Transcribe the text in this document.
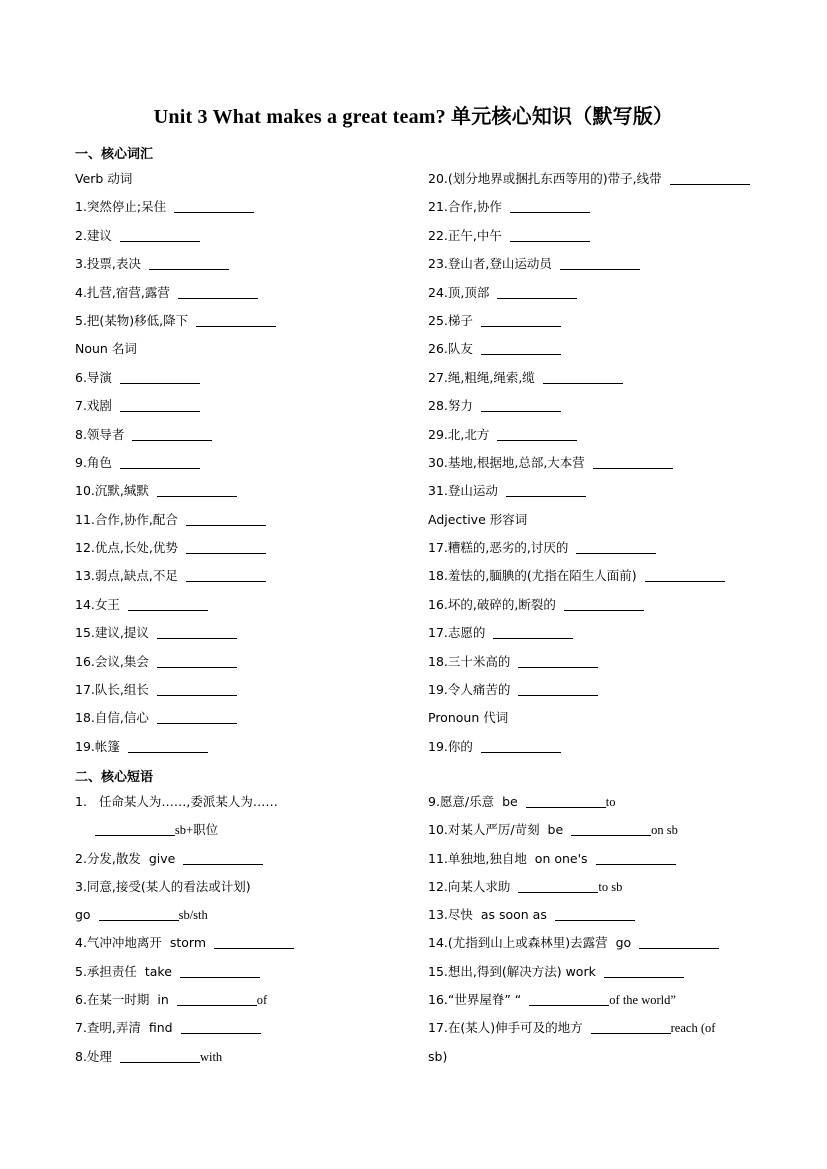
Unit 3 What makes a great team? 单元核心知识（默写版）
一、核心词汇
Verb 动词
1.突然停止;呆住
2.建议
3.投票,表决
4.扎营,宿营,露营
5.把(某物)移低,降下
Noun 名词
6.导演
7.戏剧
8.领导者
9.角色
10.沉默,缄默
11.合作,协作,配合
12.优点,长处,优势
13.弱点,缺点,不足
14.女王
15.建议,提议
16.会议,集会
17.队长,组长
18.自信,信心
19.帐篷
20.(划分地界或捆扎东西等用的)带子,线带
21.合作,协作
22.正午,中午
23.登山者,登山运动员
24.顶,顶部
25.梯子
26.队友
27.绳,粗绳,绳索,缆
28.努力
29.北,北方
30.基地,根据地,总部,大本营
31.登山运动
Adjective 形容词
17.糟糕的,恶劣的,讨厌的
18.羞怯的,腼腆的(尤指在陌生人面前)
16.坏的,破碎的,断裂的
17.志愿的
18.三十米高的
19.令人痛苦的
Pronoun 代词
19.你的
二、核心短语
1.   任命某人为……,委派某人为……
sb+职位
2.分发,散发  give
3.同意,接受(某人的看法或计划)
go	sb/sth
4.气冲冲地离开  storm
5.承担责任  take
6.在某一时期  in	of
7.查明,弄清  find
8.处理	with
9.愿意/乐意  be	to
10.对某人严厉/苛刻  be	on sb
11.单独地,独自地  on one's
12.向某人求助	to sb
13.尽快  as soon as
14.(尤指到山上或森林里)去露营  go
15.想出,得到(解决方法) work
16.“世界屋脊” “	of the world”
17.在(某人)伸手可及的地方	reach (of
sb)
